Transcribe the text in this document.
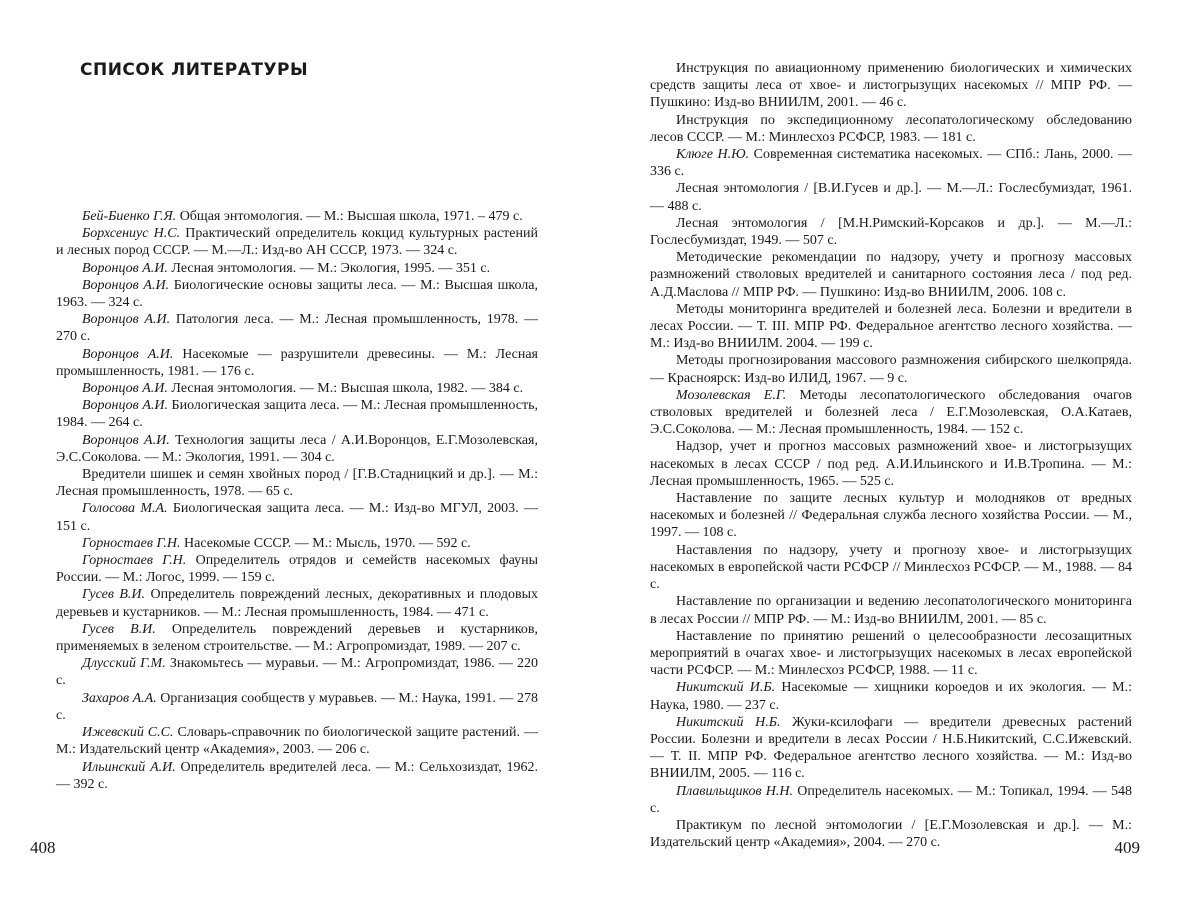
СПИСОК ЛИТЕРАТУРЫ

Бей-Биенко Г.Я. Общая энтомология. — М.: Высшая школа, 1971. – 479 с.

Борхсениус Н.С. Практический определитель кокцид культурных растений и лесных пород СССР. — М.—Л.: Изд-во АН СССР, 1973. — 324 с.

Воронцов А.И. Лесная энтомология. — М.: Экология, 1995. — 351 с.

Воронцов А.И. Биологические основы защиты леса. — М.: Высшая школа, 1963. — 324 с.

Воронцов А.И. Патология леса. — М.: Лесная промышленность, 1978. — 270 с.

Воронцов А.И. Насекомые — разрушители древесины. — М.: Лесная промышленность, 1981. — 176 с.

Воронцов А.И. Лесная энтомология. — М.: Высшая школа, 1982. — 384 с.

Воронцов А.И. Биологическая защита леса. — М.: Лесная промышленность, 1984. — 264 с.

Воронцов А.И. Технология защиты леса / А.И.Воронцов, Е.Г.Мозолевская, Э.С.Соколова. — М.: Экология, 1991. — 304 с.

Вредители шишек и семян хвойных пород / [Г.В.Стадницкий и др.]. — М.: Лесная промышленность, 1978. — 65 с.

Голосова М.А. Биологическая защита леса. — М.: Изд-во МГУЛ, 2003. — 151 с.

Горностаев Г.Н. Насекомые СССР. — М.: Мысль, 1970. — 592 с.

Горностаев Г.Н. Определитель отрядов и семейств насекомых фауны России. — М.: Логос, 1999. — 159 с.

Гусев В.И. Определитель повреждений лесных, декоративных и плодовых деревьев и кустарников. — М.: Лесная промышленность, 1984. — 471 с.

Гусев В.И. Определитель повреждений деревьев и кустарников, применяемых в зеленом строительстве. — М.: Агропромиздат, 1989. — 207 с.

Длусский Г.М. Знакомьтесь — муравьи. — М.: Агропромиздат, 1986. — 220 с.

Захаров А.А. Организация сообществ у муравьев. — М.: Наука, 1991. — 278 с.

Ижевский С.С. Словарь-справочник по биологической защите растений. — М.: Издательский центр «Академия», 2003. — 206 с.

Ильинский А.И. Определитель вредителей леса. — М.: Сельхозиздат, 1962. — 392 с.

408

Инструкция по авиационному применению биологических и химических средств защиты леса от хвое- и листогрызущих насекомых // МПР РФ. — Пушкино: Изд-во ВНИИЛМ, 2001. — 46 с.

Инструкция по экспедиционному лесопатологическому обследованию лесов СССР. — М.: Минлесхоз РСФСР, 1983. — 181 с.

Клюге Н.Ю. Современная систематика насекомых. — СПб.: Лань, 2000. — 336 с.

Лесная энтомология / [В.И.Гусев и др.]. — М.—Л.: Гослесбумиздат, 1961. — 488 с.

Лесная энтомология / [М.Н.Римский-Корсаков и др.]. — М.—Л.: Гослесбумиздат, 1949. — 507 с.

Методические рекомендации по надзору, учету и прогнозу массовых размножений стволовых вредителей и санитарного состояния леса / под ред. А.Д.Маслова // МПР РФ. — Пушкино: Изд-во ВНИИЛМ, 2006. 108 с.

Методы мониторинга вредителей и болезней леса. Болезни и вредители в лесах России. — Т. III. МПР РФ. Федеральное агентство лесного хозяйства. — М.: Изд-во ВНИИЛМ. 2004. — 199 с.

Методы прогнозирования массового размножения сибирского шелкопряда. — Красноярск: Изд-во ИЛИД, 1967. — 9 с.

Мозолевская Е.Г. Методы лесопатологического обследования очагов стволовых вредителей и болезней леса / Е.Г.Мозолевская, О.А.Катаев, Э.С.Соколова. — М.: Лесная промышленность, 1984. — 152 с.

Надзор, учет и прогноз массовых размножений хвое- и листогрызущих насекомых в лесах СССР / под ред. А.И.Ильинского и И.В.Тропина. — М.: Лесная промышленность, 1965. — 525 с.

Наставление по защите лесных культур и молодняков от вредных насекомых и болезней // Федеральная служба лесного хозяйства России. — М., 1997. — 108 с.

Наставления по надзору, учету и прогнозу хвое- и листогрызущих насекомых в европейской части РСФСР // Минлесхоз РСФСР. — М., 1988. — 84 с.

Наставление по организации и ведению лесопатологического мониторинга в лесах России // МПР РФ. — М.: Изд-во ВНИИЛМ, 2001. — 85 с.

Наставление по принятию решений о целесообразности лесозащитных мероприятий в очагах хвое- и листогрызущих насекомых в лесах европейской части РСФСР. — М.: Минлесхоз РСФСР, 1988. — 11 с.

Никитский И.Б. Насекомые — хищники короедов и их экология. — М.: Наука, 1980. — 237 с.

Никитский Н.Б. Жуки-ксилофаги — вредители древесных растений России. Болезни и вредители в лесах России / Н.Б.Никитский, С.С.Ижевский. — Т. II. МПР РФ. Федеральное агентство лесного хозяйства. — М.: Изд-во ВНИИЛМ, 2005. — 116 с.

Плавильщиков Н.Н. Определитель насекомых. — М.: Топикал, 1994. — 548 с.

Практикум по лесной энтомологии / [Е.Г.Мозолевская и др.]. — М.: Издательский центр «Академия», 2004. — 270 с.	409
